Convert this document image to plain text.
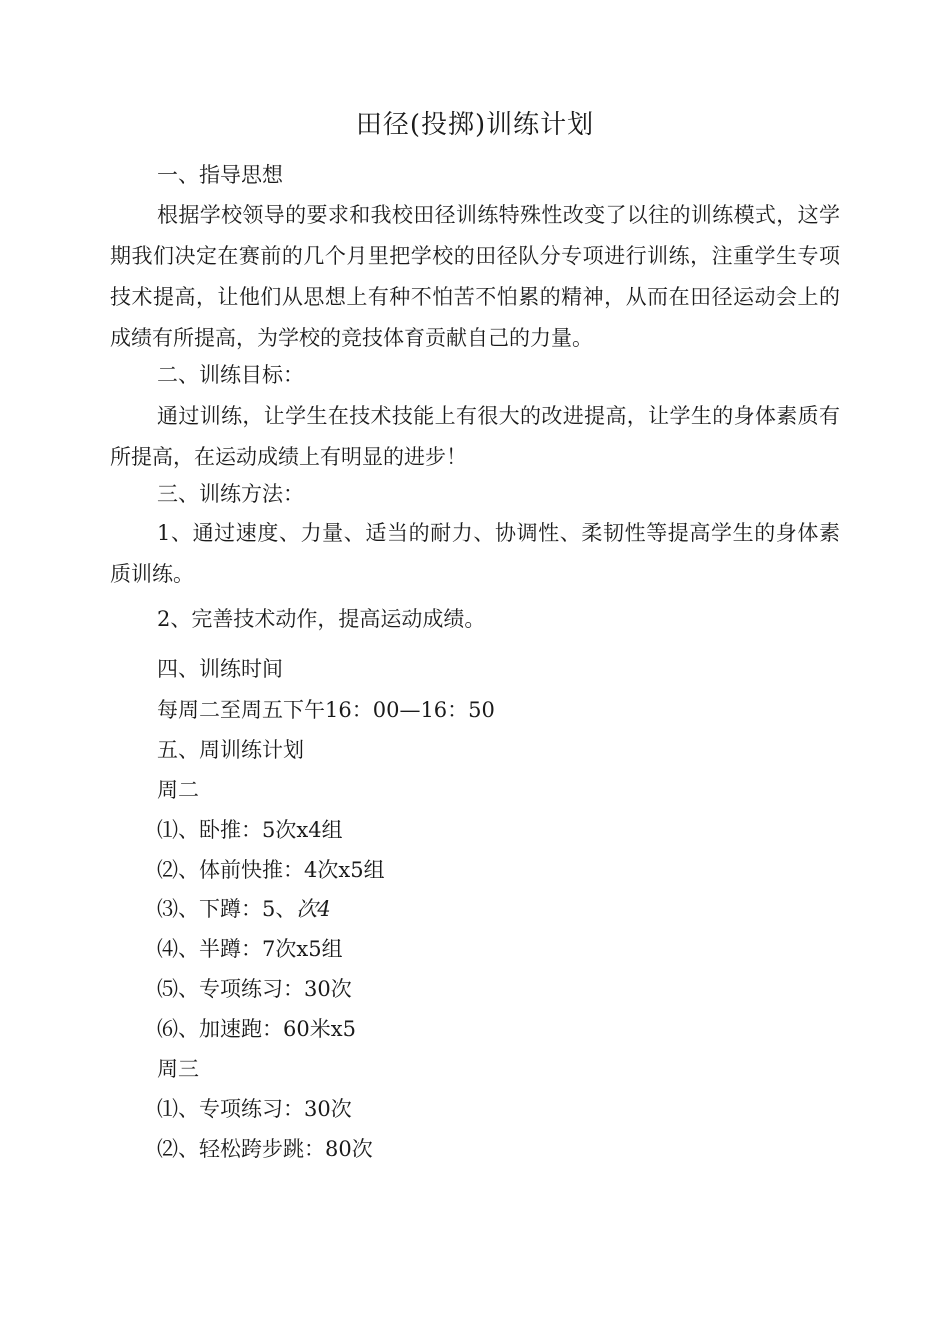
田径(投掷)训练计划
一、指导思想
根据学校领导的要求和我校田径训练特殊性改变了以往的训练模式，这学期我们决定在赛前的几个月里把学校的田径队分专项进行训练，注重学生专项技术提高，让他们从思想上有种不怕苦不怕累的精神，从而在田径运动会上的成绩有所提高，为学校的竞技体育贡献自己的力量。
二、训练目标：
通过训练，让学生在技术技能上有很大的改进提高，让学生的身体素质有所提高，在运动成绩上有明显的进步！
三、训练方法：
1、通过速度、力量、适当的耐力、协调性、柔韧性等提高学生的身体素质训练。
2、完善技术动作，提高运动成绩。
四、训练时间
每周二至周五下午16：00—16：50
五、周训练计划
周二
⑴、卧推：5次x4组
⑵、体前快推：4次x5组
⑶、下蹲：5、次4
⑷、半蹲：7次x5组
⑸、专项练习：30次
⑹、加速跑：60米x5
周三
⑴、专项练习：30次
⑵、轻松跨步跳：80次
